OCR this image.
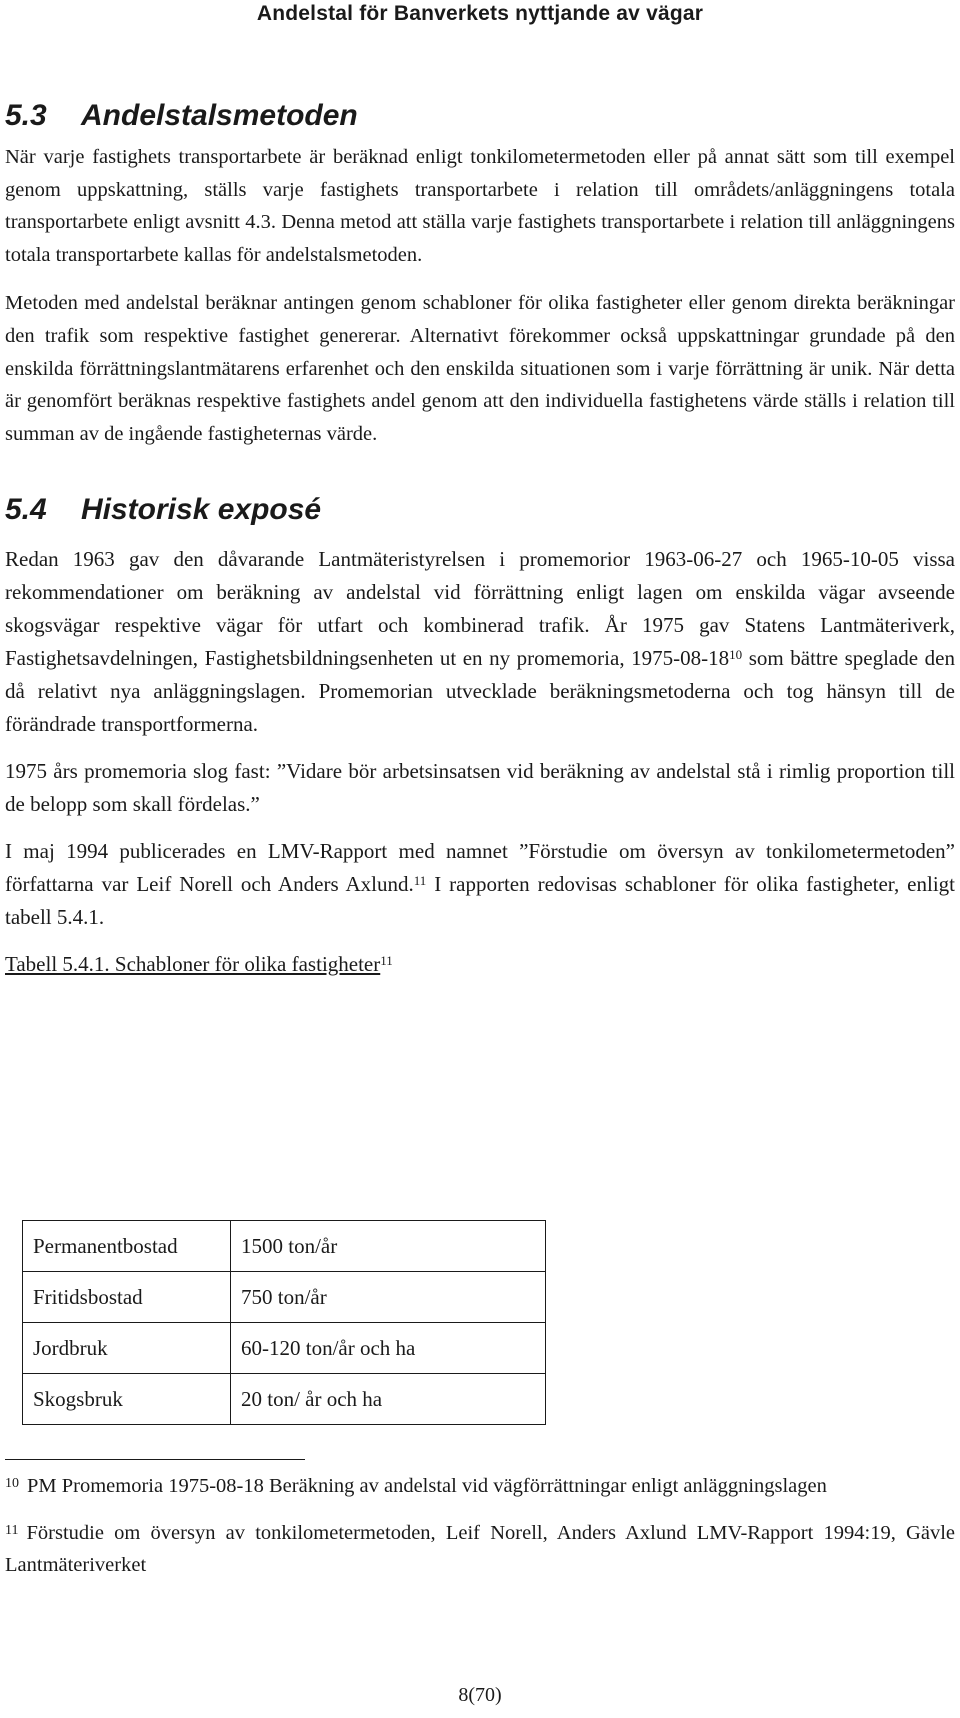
Andelstal för Banverkets nyttjande av vägar
5.3 Andelstalsmetoden

När varje fastighets transportarbete är beräknad enligt tonkilometermetoden eller på annat sätt som till exempel genom uppskattning, ställs varje fastighets transportarbete i relation till områdets/anläggningens totala transportarbete enligt avsnitt 4.3. Denna metod att ställa varje fastighets transportarbete i relation till anläggningens totala transportarbete kallas för andelstalsmetoden.

Metoden med andelstal beräknar antingen genom schabloner för olika fastigheter eller genom direkta beräkningar den trafik som respektive fastighet genererar. Alternativt förekommer också uppskattningar grundade på den enskilda förrättningslantmätarens erfarenhet och den enskilda situationen som i varje förrättning är unik. När detta är genomfört beräknas respektive fastighets andel genom att den individuella fastighetens värde ställs i relation till summan av de ingående fastigheternas värde.

5.4 Historisk exposé

Redan 1963 gav den dåvarande Lantmäteristyrelsen i promemorior 1963-06-27 och 1965-10-05 vissa rekommendationer om beräkning av andelstal vid förrättning enligt lagen om enskilda vägar avseende skogsvägar respektive vägar för utfart och kombinerad trafik. År 1975 gav Statens Lantmäteriverk, Fastighetsavdelningen, Fastighetsbildningsenheten ut en ny promemoria, $1975-08-18^{10}$ som bättre speglade den då relativt nya anläggningslagen. Promemorian utvecklade beräkningsmetoderna och tog hänsyn till de förändrade transportformerna.

1975 års promemoria slog fast: ”Vidare bör arbetsinsatsen vid beräkning av andelstal stå i rimlig proportion till de belopp som skall fördelas.”

I maj 1994 publicerades en LMV-Rapport med namnet ”Förstudie om översyn av tonkilometermetoden” författarna var Leif Norell och Anders Axlund.$^{11}$ I rapporten redovisas schabloner för olika fastigheter, enligt tabell 5.4.1.

Tabell 5.4.1. Schabloner för olika fastigheter$^{11}$

Permanentbostad	1500 ton/år
Fritidsbostad	750 ton/år
Jordbruk	60-120 ton/år och ha
Skogsbruk	20 ton/ år och ha

$^{10}$ PM Promemoria 1975-08-18 Beräkning av andelstal vid vägförrättningar enligt anläggningslagen

$^{11}$ Förstudie om översyn av tonkilometermetoden, Leif Norell, Anders Axlund LMV-Rapport 1994:19, Gävle Lantmäteriverket

8(70)
